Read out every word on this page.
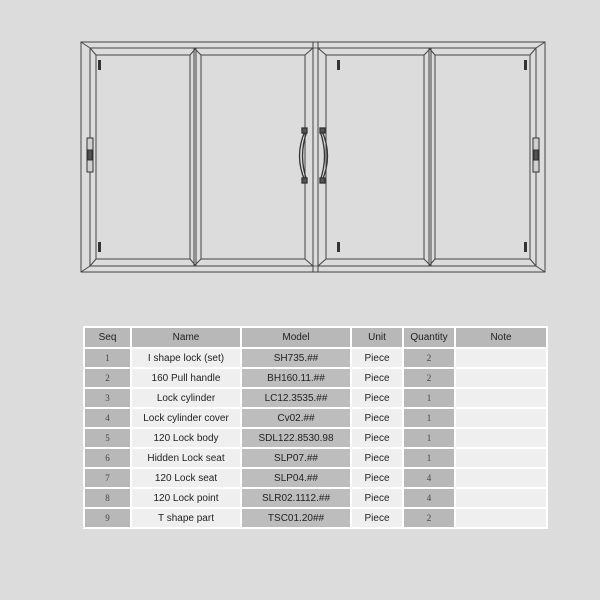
Seq	Name	Model	Unit	Quantity	Note
1	I shape lock (set)	SH735.##	Piece	2	
2	160 Pull handle	BH160.11.##	Piece	2	
3	Lock cylinder	LC12.3535.##	Piece	1	
4	Lock cylinder cover	Cv02.##	Piece	1	
5	120 Lock body	SDL122.8530.98	Piece	1	
6	Hidden Lock seat	SLP07.##	Piece	1	
7	120 Lock seat	SLP04.##	Piece	4	
8	120 Lock point	SLR02.1112.##	Piece	4	
9	T shape part	TSC01.20##	Piece	2	
